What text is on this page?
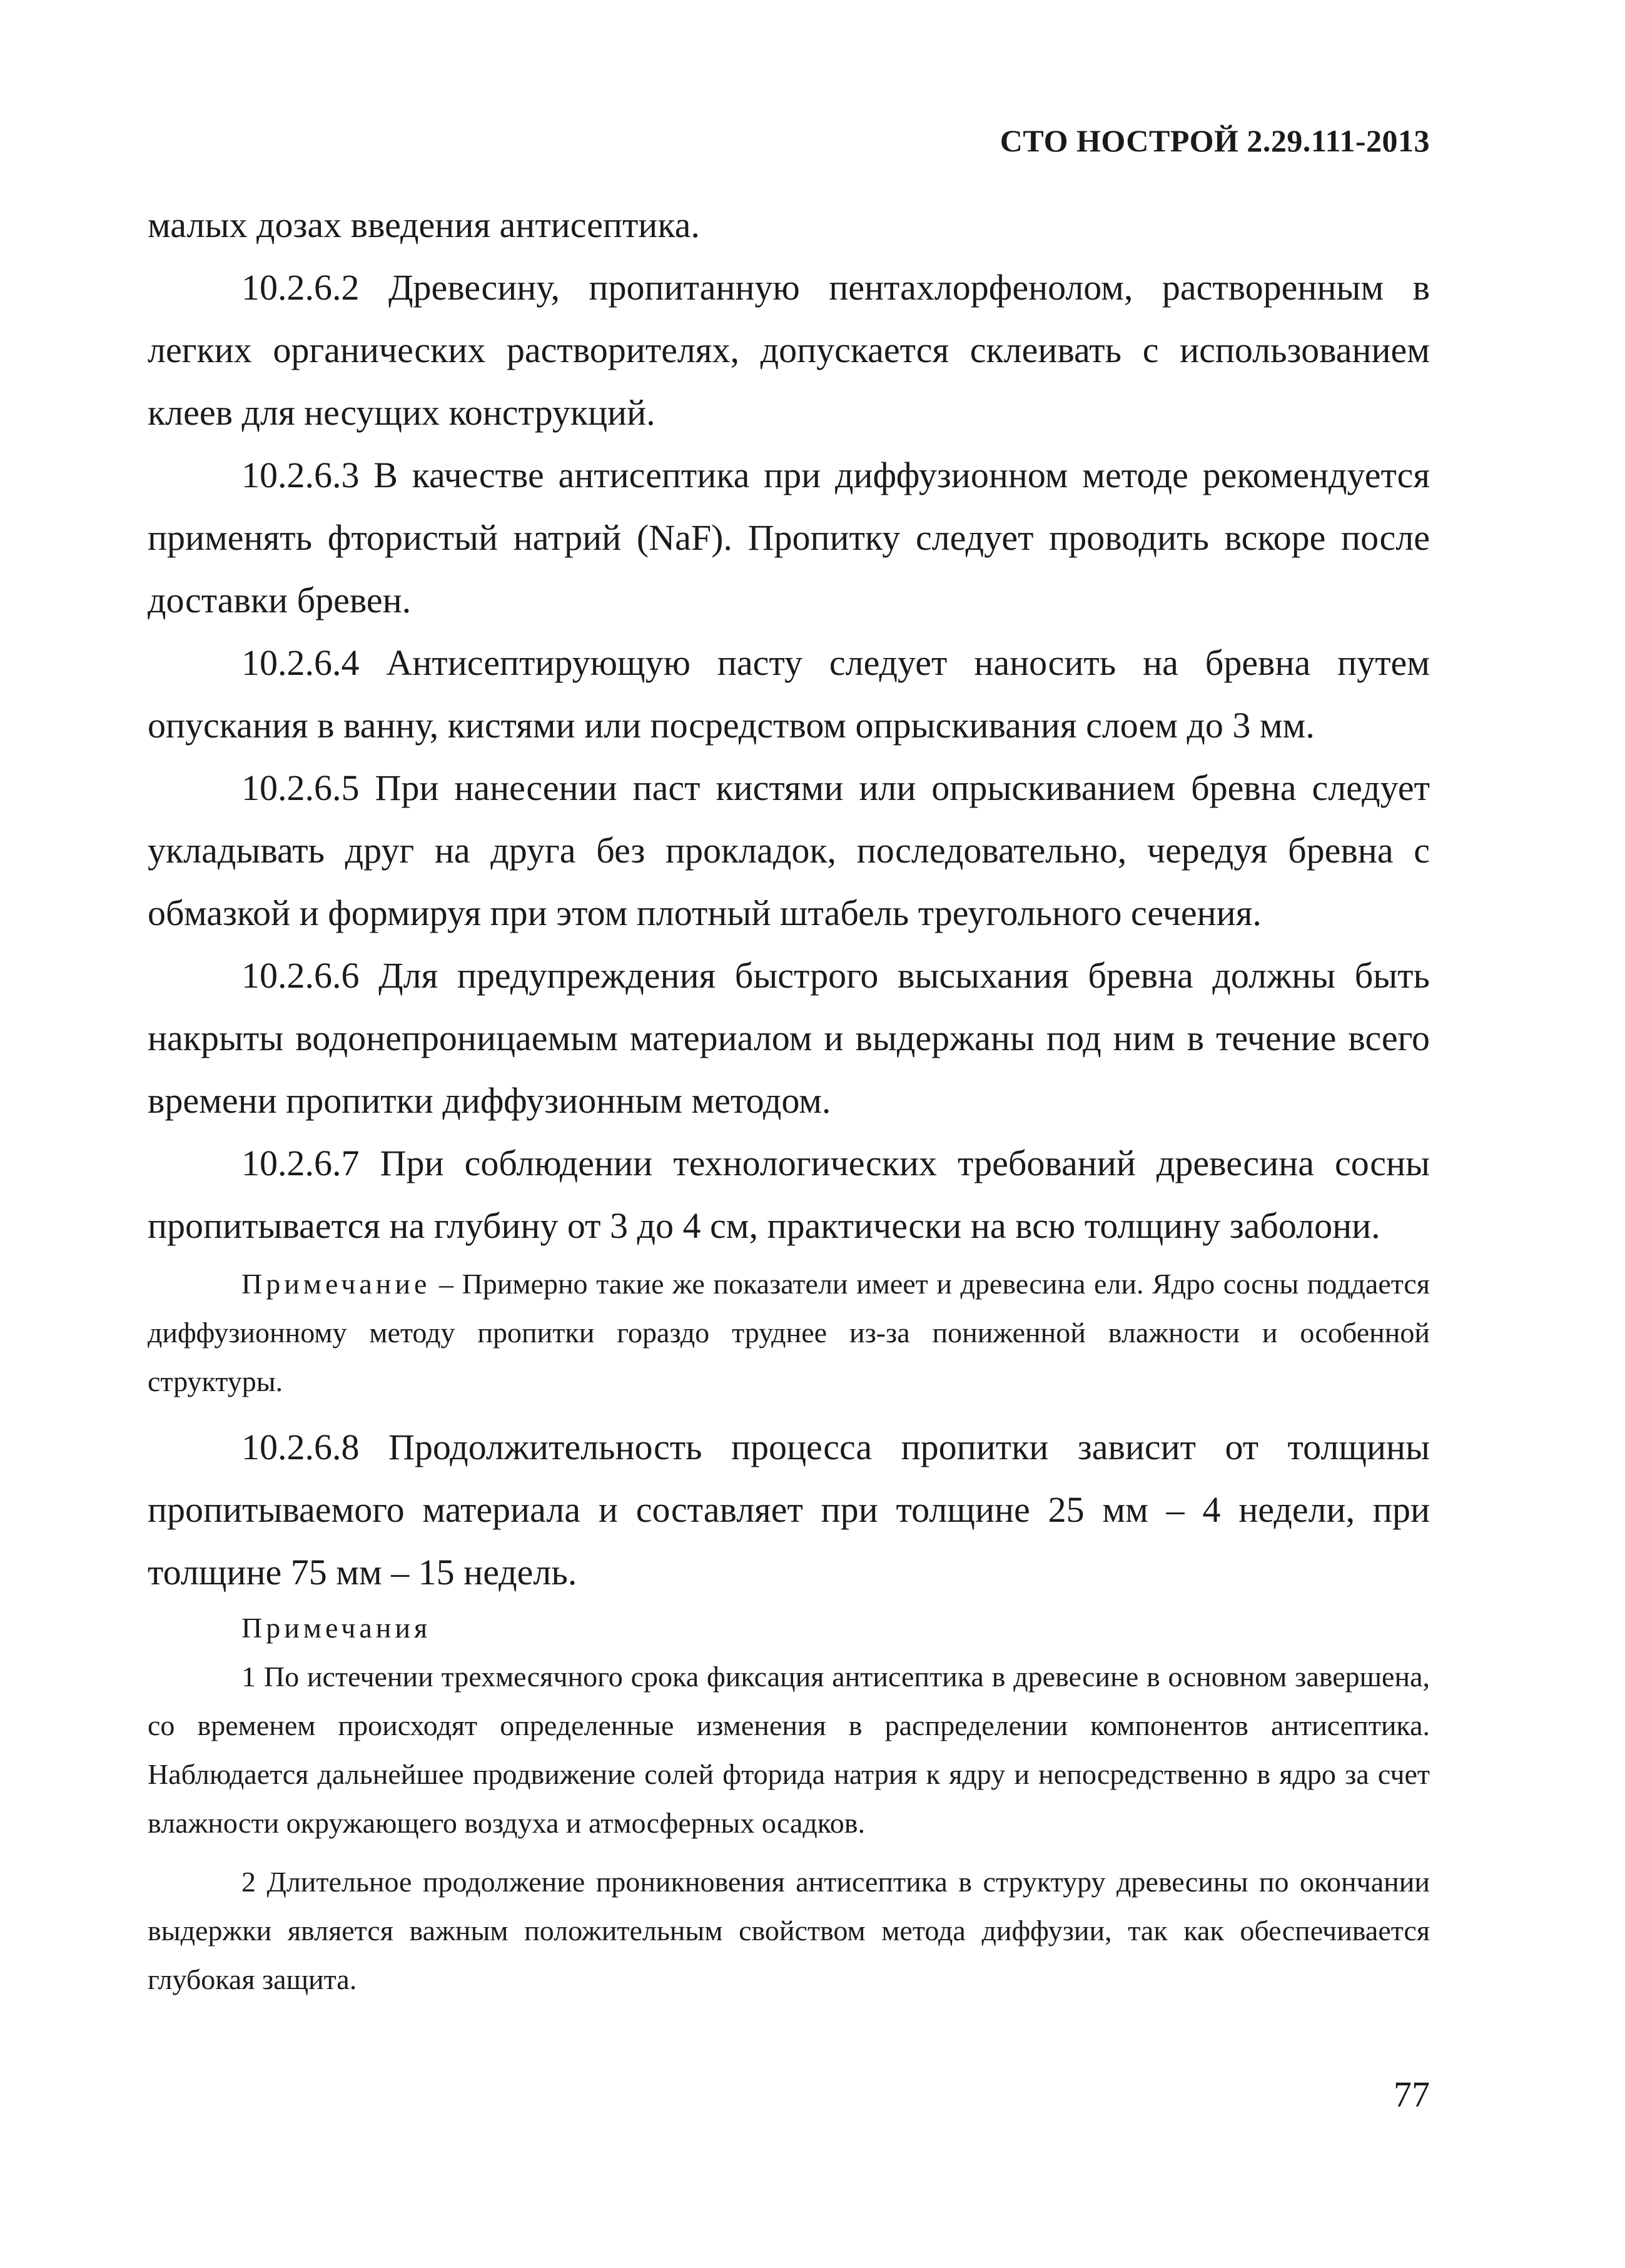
СТО НОСТРОЙ 2.29.111-2013

малых дозах введения антисептика.

10.2.6.2 Древесину, пропитанную пентахлорфенолом, растворенным в легких органических растворителях, допускается склеивать с использованием клеев для несущих конструкций.

10.2.6.3 В качестве антисептика при диффузионном методе рекомендуется применять фтористый натрий (NaF). Пропитку следует проводить вскоре после доставки бревен.

10.2.6.4 Антисептирующую пасту следует наносить на бревна путем опускания в ванну, кистями или посредством опрыскивания слоем до 3 мм.

10.2.6.5 При нанесении паст кистями или опрыскиванием бревна следует укладывать друг на друга без прокладок, последовательно, чередуя бревна с обмазкой и формируя при этом плотный штабель треугольного сечения.

10.2.6.6 Для предупреждения быстрого высыхания бревна должны быть накрыты водонепроницаемым материалом и выдержаны под ним в течение всего времени пропитки диффузионным методом.

10.2.6.7 При соблюдении технологических требований древесина сосны пропитывается на глубину от 3 до 4 см, практически на всю толщину заболони.

Примечание – Примерно такие же показатели имеет и древесина ели. Ядро сосны поддается диффузионному методу пропитки гораздо труднее из-за пониженной влажности и особенной структуры.

10.2.6.8 Продолжительность процесса пропитки зависит от толщины пропитываемого материала и составляет при толщине 25 мм – 4 недели, при толщине 75 мм – 15 недель.

Примечания

1 По истечении трехмесячного срока фиксация антисептика в древесине в основном завершена, со временем происходят определенные изменения в распределении компонентов антисептика. Наблюдается дальнейшее продвижение солей фторида натрия к ядру и непосредственно в ядро за счет влажности окружающего воздуха и атмосферных осадков.

2 Длительное продолжение проникновения антисептика в структуру древесины по окончании выдержки является важным положительным свойством метода диффузии, так как обеспечивается глубокая защита.

77
